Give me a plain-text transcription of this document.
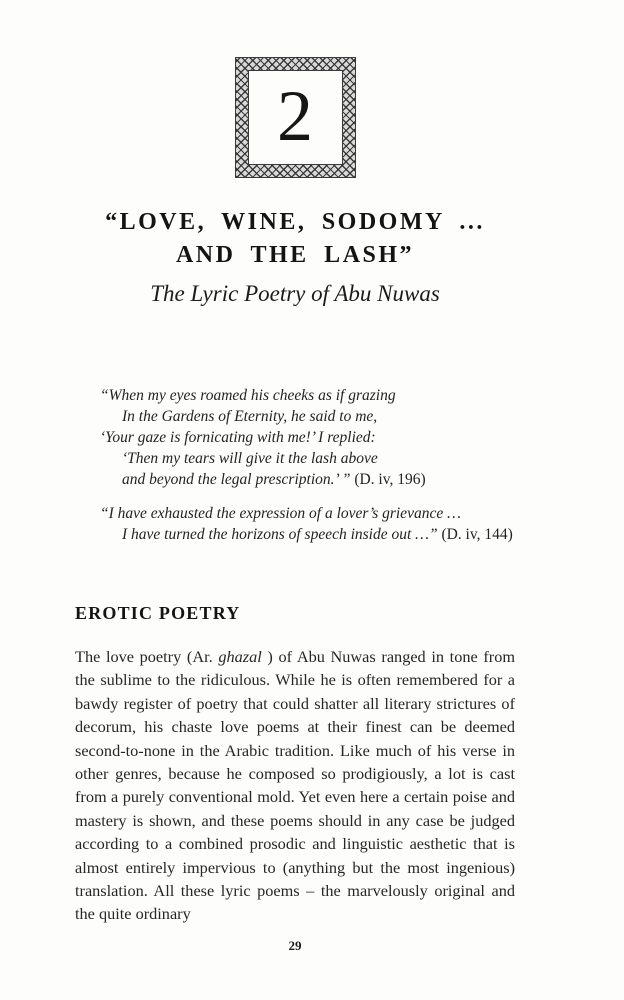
2
“LOVE, WINE, SODOMY ...
AND THE LASH”
The Lyric Poetry of Abu Nuwas
“When my eyes roamed his cheeks as if grazing
In the Gardens of Eternity, he said to me,
‘Your gaze is fornicating with me!’ I replied:
‘Then my tears will give it the lash above
and beyond the legal prescription.’ ” (D. iv, 196)
“I have exhausted the expression of a lover’s grievance …
I have turned the horizons of speech inside out …” (D. iv, 144)
EROTIC POETRY

The love poetry (Ar. ghazal ) of Abu Nuwas ranged in tone from the sublime to the ridiculous. While he is often remembered for a bawdy register of poetry that could shatter all literary strictures of decorum, his chaste love poems at their finest can be deemed second-to-none in the Arabic tradition. Like much of his verse in other genres, because he composed so prodigiously, a lot is cast from a purely conventional mold. Yet even here a certain poise and mastery is shown, and these poems should in any case be judged according to a combined prosodic and linguistic aesthetic that is almost entirely impervious to (anything but the most ingenious) translation. All these lyric poems – the marvelously original and the quite ordinary

29
